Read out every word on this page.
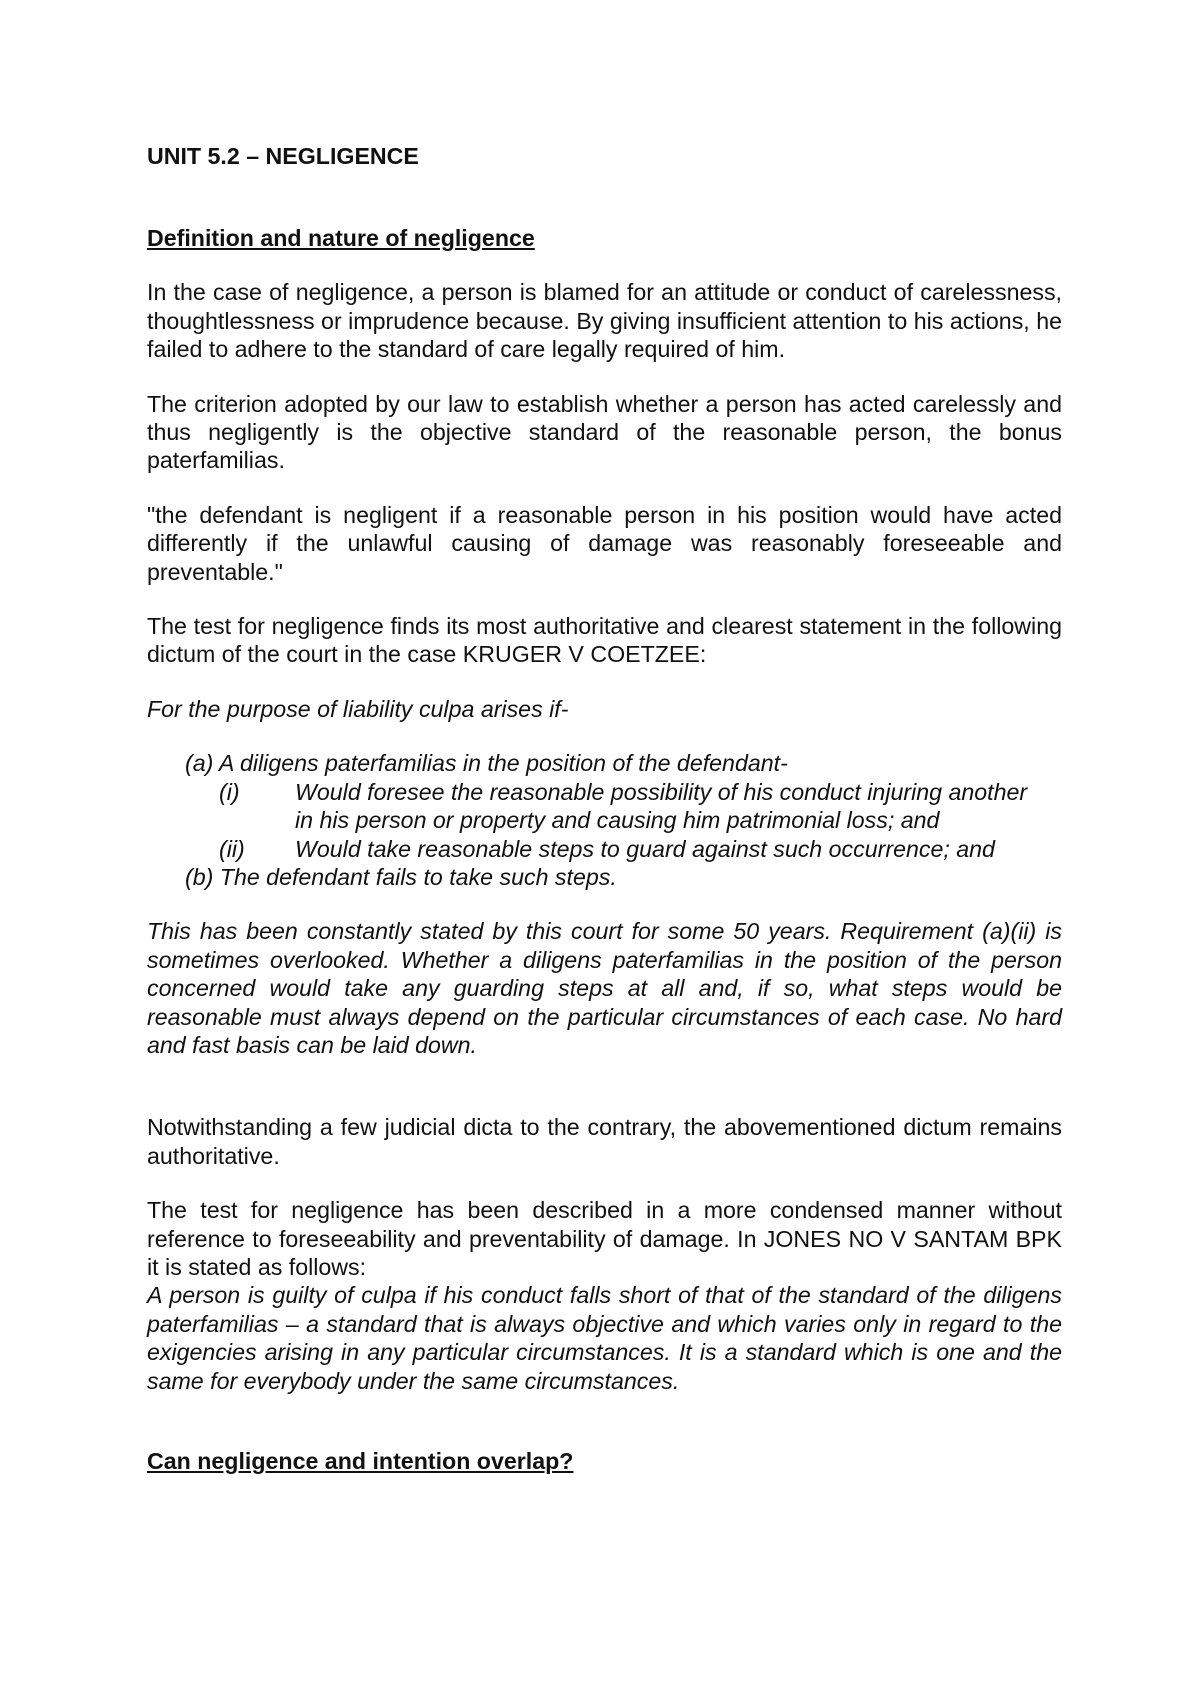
UNIT 5.2 – NEGLIGENCE
Definition and nature of negligence

In the case of negligence, a person is blamed for an attitude or conduct of carelessness, thoughtlessness or imprudence because. By giving insufficient attention to his actions, he failed to adhere to the standard of care legally required of him.

The criterion adopted by our law to establish whether a person has acted carelessly and thus negligently is the objective standard of the reasonable person, the bonus paterfamilias.

"the defendant is negligent if a reasonable person in his position would have acted differently if the unlawful causing of damage was reasonably foreseeable and preventable."

The test for negligence finds its most authoritative and clearest statement in the following dictum of the court in the case KRUGER V COETZEE:

For the purpose of liability culpa arises if-

(a) A diligens paterfamilias in the position of the defendant-
(i)	Would foresee the reasonable possibility of his conduct injuring another
in his person or property and causing him patrimonial loss; and
(ii)	Would take reasonable steps to guard against such occurrence; and
(b) The defendant fails to take such steps.

This has been constantly stated by this court for some 50 years. Requirement (a)(ii) is sometimes overlooked. Whether a diligens paterfamilias in the position of the person concerned would take any guarding steps at all and, if so, what steps would be reasonable must always depend on the particular circumstances of each case. No hard and fast basis can be laid down.

Notwithstanding a few judicial dicta to the contrary, the abovementioned dictum remains authoritative.

The test for negligence has been described in a more condensed manner without reference to foreseeability and preventability of damage. In JONES NO V SANTAM BPK it is stated as follows:

A person is guilty of culpa if his conduct falls short of that of the standard of the diligens paterfamilias – a standard that is always objective and which varies only in regard to the exigencies arising in any particular circumstances. It is a standard which is one and the same for everybody under the same circumstances.

Can negligence and intention overlap?
